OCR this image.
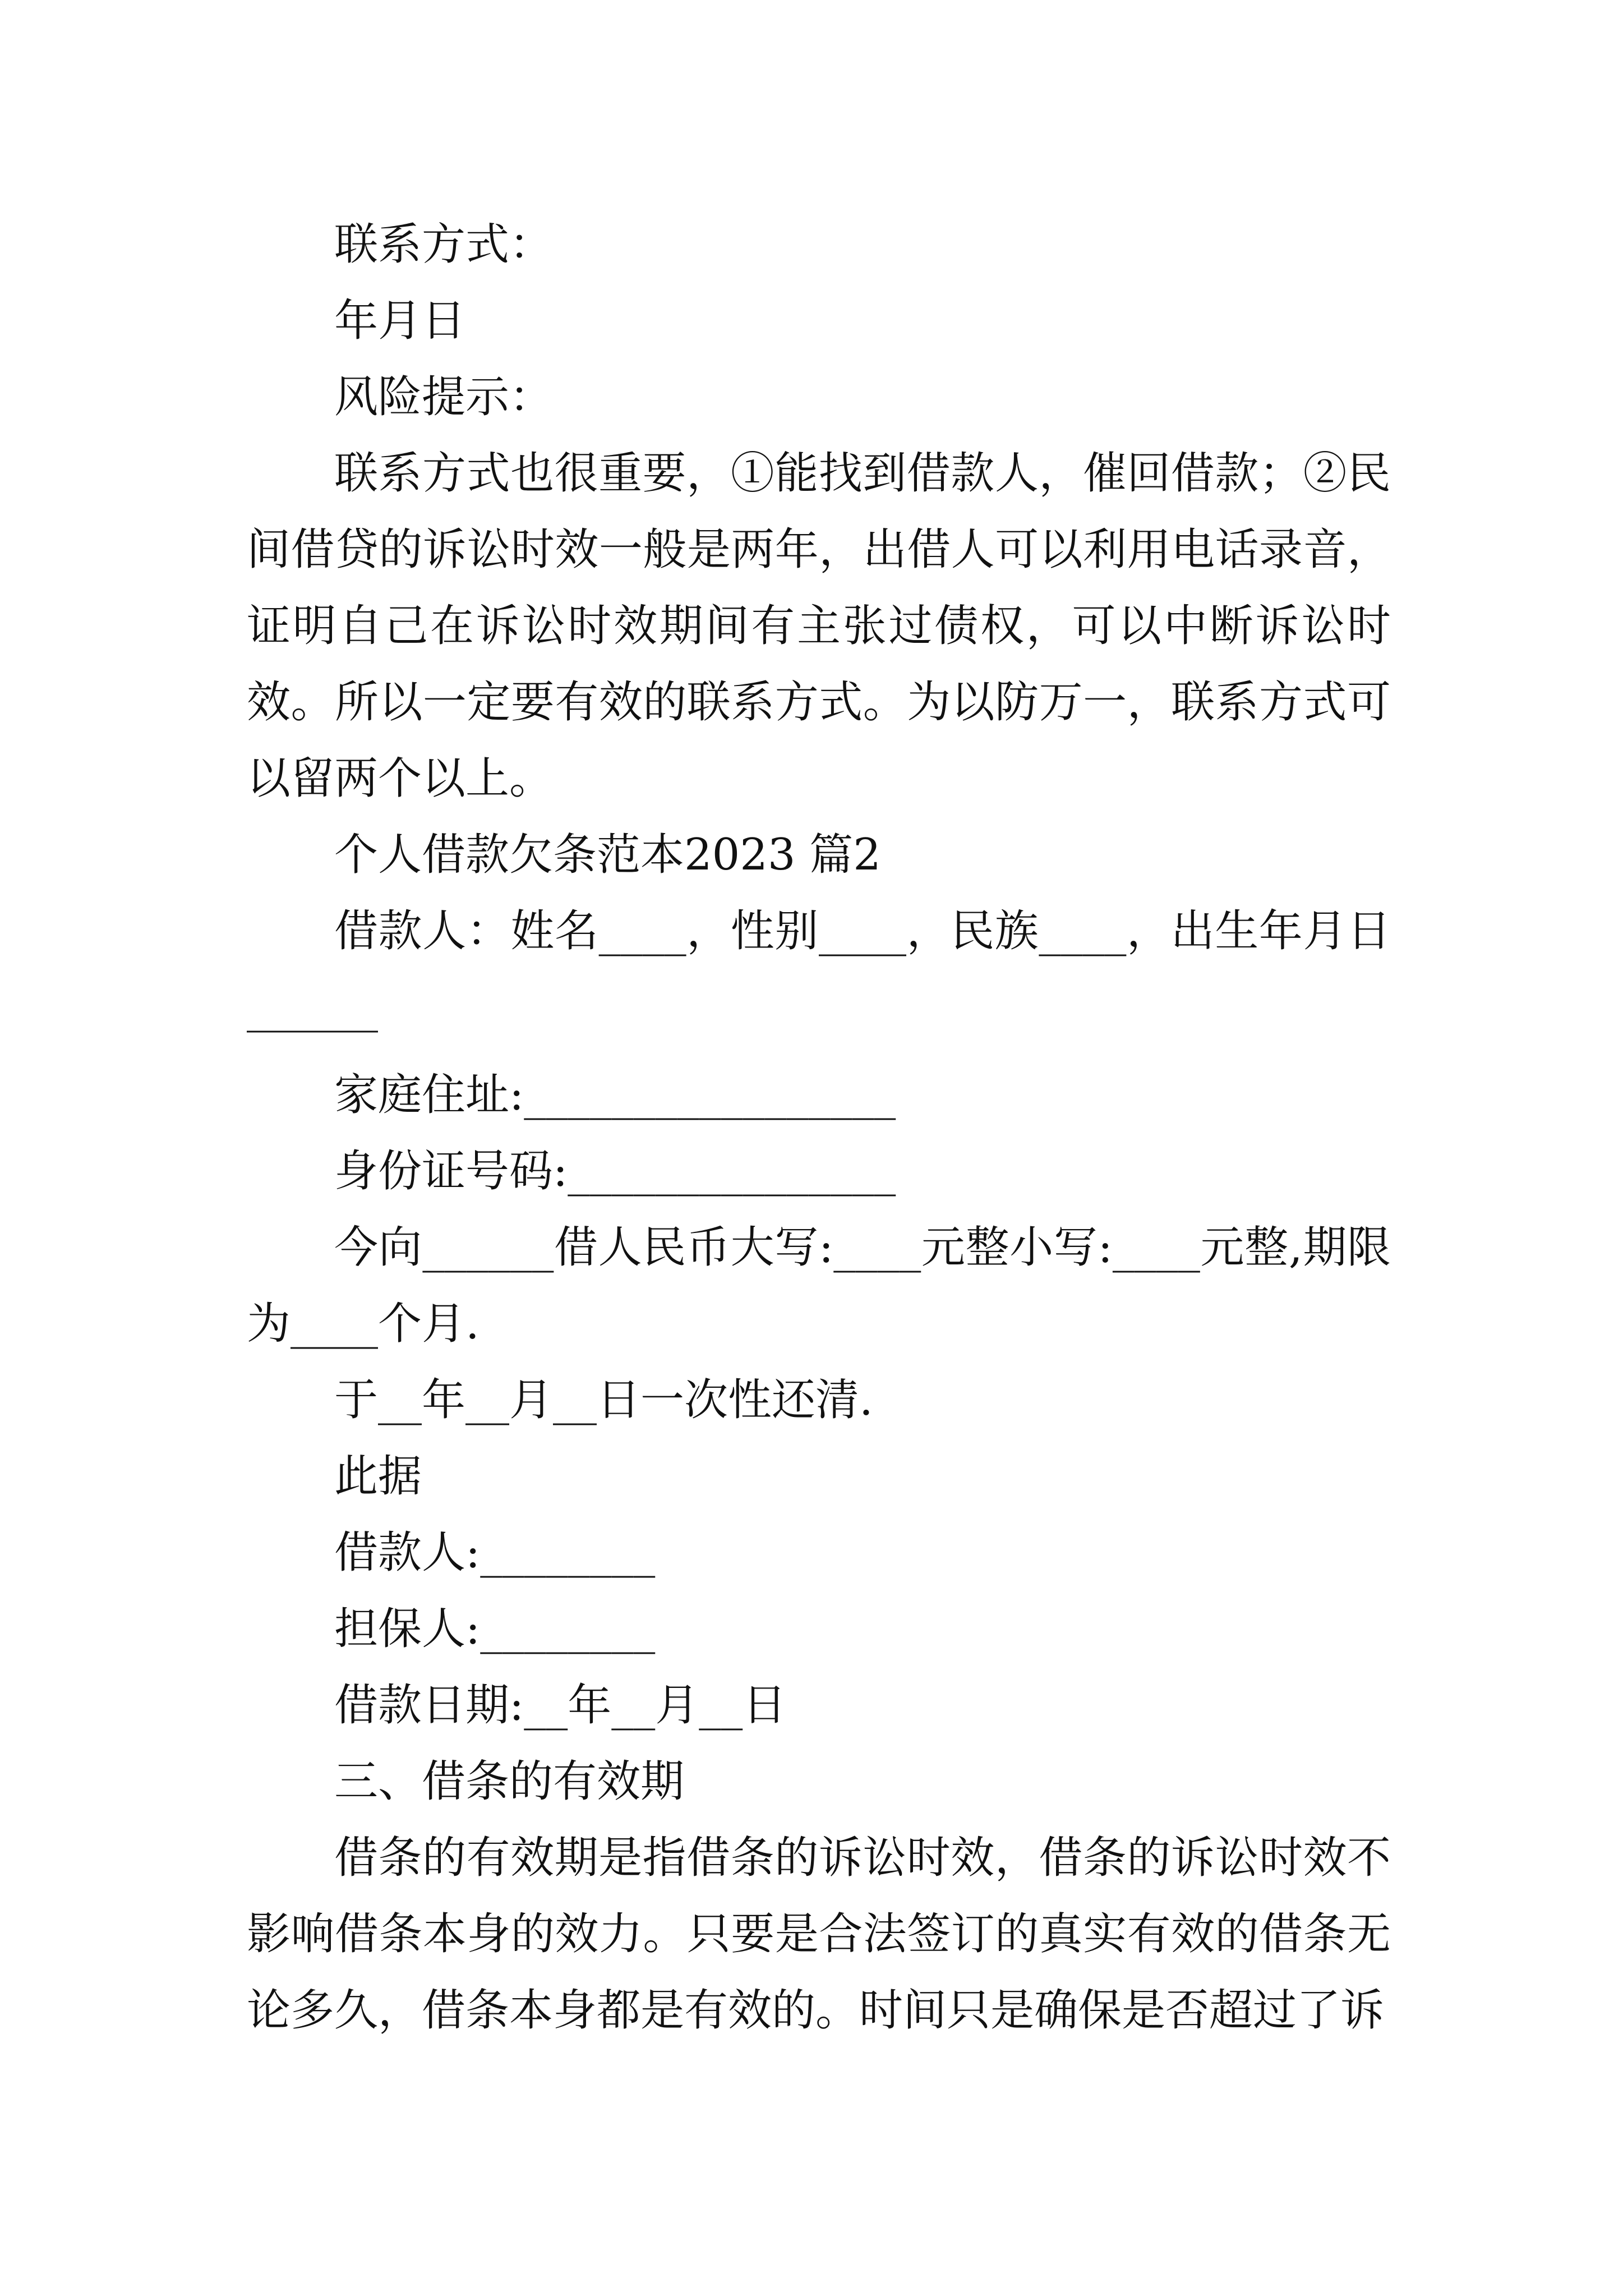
联系方式：

年月日

风险提示：

联系方式也很重要，①能找到借款人，催回借款；②民间借贷的诉讼时效一般是两年，出借人可以利用电话录音，证明自己在诉讼时效期间有主张过债权，可以中断诉讼时效。所以一定要有效的联系方式。为以防万一，联系方式可以留两个以上。

个人借款欠条范本2023 篇2

借款人：姓名____，性别____，民族____，出生年月日______

家庭住址:_________________

身份证号码:_______________

今向______借人民币大写:____元整小写:____元整,期限为____个月.

于__年__月__日一次性还清.

此据

借款人:________

担保人:________

借款日期:__年__月__日

三、借条的有效期

借条的有效期是指借条的诉讼时效，借条的诉讼时效不影响借条本身的效力。只要是合法签订的真实有效的借条无论多久，借条本身都是有效的。时间只是确保是否超过了诉
